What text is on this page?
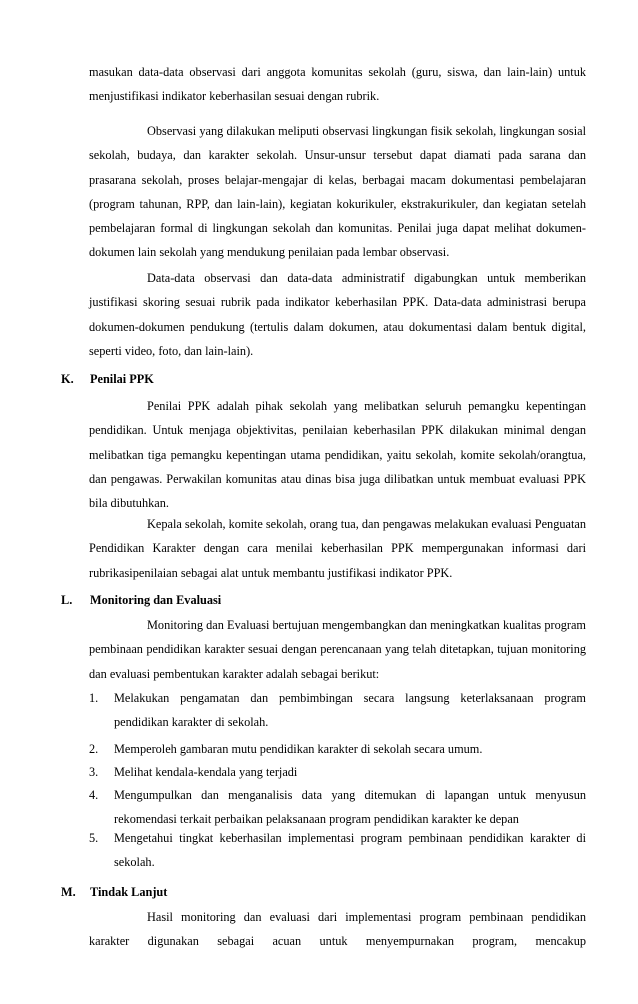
masukan data-data observasi dari anggota komunitas sekolah (guru, siswa, dan lain-lain) untuk menjustifikasi indikator keberhasilan sesuai dengan rubrik.

Observasi yang dilakukan meliputi observasi lingkungan fisik sekolah, lingkungan sosial sekolah, budaya, dan karakter sekolah. Unsur-unsur tersebut dapat diamati pada sarana dan prasarana sekolah, proses belajar-mengajar di kelas, berbagai macam dokumentasi pembelajaran (program tahunan, RPP, dan lain-lain), kegiatan kokurikuler, ekstrakurikuler, dan kegiatan setelah pembelajaran formal di lingkungan sekolah dan komunitas. Penilai juga dapat melihat dokumen-dokumen lain sekolah yang mendukung penilaian pada lembar observasi.

Data-data observasi dan data-data administratif digabungkan untuk memberikan justifikasi skoring sesuai rubrik pada indikator keberhasilan PPK. Data-data administrasi berupa dokumen-dokumen pendukung (tertulis dalam dokumen, atau dokumentasi dalam bentuk digital, seperti video, foto, dan lain-lain).

K. Penilai PPK

Penilai PPK adalah pihak sekolah yang melibatkan seluruh pemangku kepentingan pendidikan. Untuk menjaga objektivitas, penilaian keberhasilan PPK dilakukan minimal dengan melibatkan tiga pemangku kepentingan utama pendidikan, yaitu sekolah, komite sekolah/orangtua, dan pengawas. Perwakilan komunitas atau dinas bisa juga dilibatkan untuk membuat evaluasi PPK bila dibutuhkan.

Kepala sekolah, komite sekolah, orang tua, dan pengawas melakukan evaluasi Penguatan Pendidikan Karakter dengan cara menilai keberhasilan PPK mempergunakan informasi dari rubrikasipenilaian sebagai alat untuk membantu justifikasi indikator PPK.

L. Monitoring dan Evaluasi

Monitoring dan Evaluasi bertujuan mengembangkan dan meningkatkan kualitas program pembinaan pendidikan karakter sesuai dengan perencanaan yang telah ditetapkan, tujuan monitoring dan evaluasi pembentukan karakter adalah sebagai berikut:

1.	Melakukan pengamatan dan pembimbingan secara langsung keterlaksanaan program pendidikan karakter di sekolah.
2.	Memperoleh gambaran mutu pendidikan karakter di sekolah secara umum.
3.	Melihat kendala-kendala yang terjadi
4.	Mengumpulkan dan menganalisis data yang ditemukan di lapangan untuk menyusun rekomendasi terkait perbaikan pelaksanaan program pendidikan karakter ke depan
5.	Mengetahui tingkat keberhasilan implementasi program pembinaan pendidikan karakter di sekolah.
M. Tindak Lanjut

Hasil monitoring dan evaluasi dari implementasi program pembinaan pendidikan karakter digunakan sebagai acuan untuk menyempurnakan program, mencakup
